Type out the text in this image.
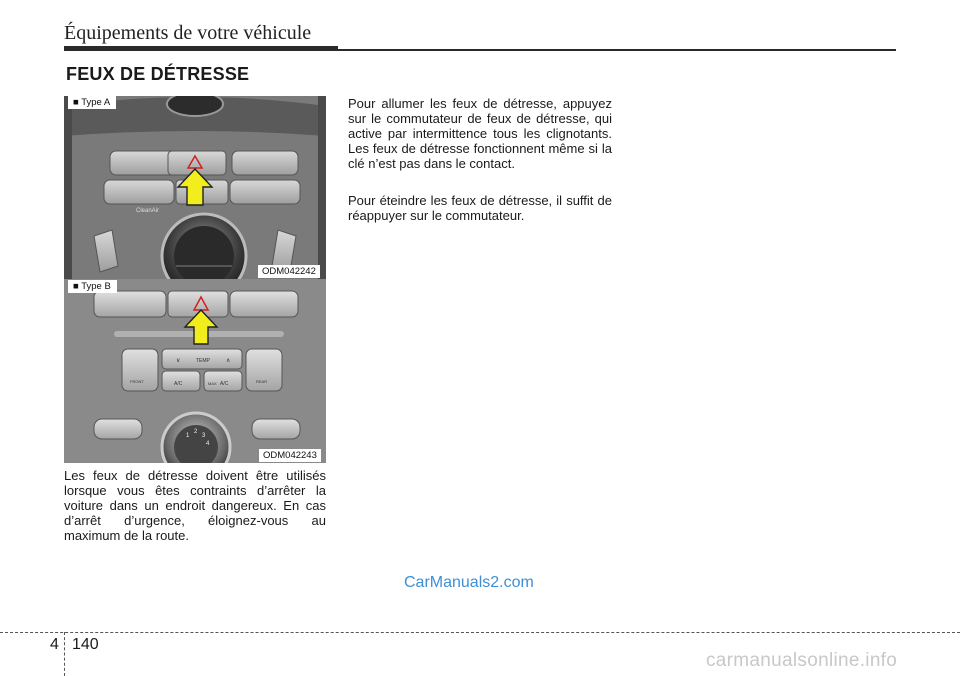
Équipements de votre véhicule
FEUX DE DÉTRESSE
CleanAir
■ Type A
ODM042242
∨	TEMP	∧
A/C	MAX A/C
FRONT	REAR
1
2
3
4
■ Type B
ODM042243

Les feux de détresse doivent être utilisés lorsque vous êtes contraints d’arrêter la voiture dans un endroit dangereux. En cas d’arrêt d’urgence, éloignez-vous au maximum de la route.

Pour allumer les feux de détresse, appuyez sur le commutateur de feux de détresse, qui active par intermittence tous les clignotants. Les feux de détresse fonctionnent même si la clé n’est pas dans le contact.

Pour éteindre les feux de détresse, il suffit de réappuyer sur le commutateur.

CarManuals2.com
4 140
carmanualsonline.info
